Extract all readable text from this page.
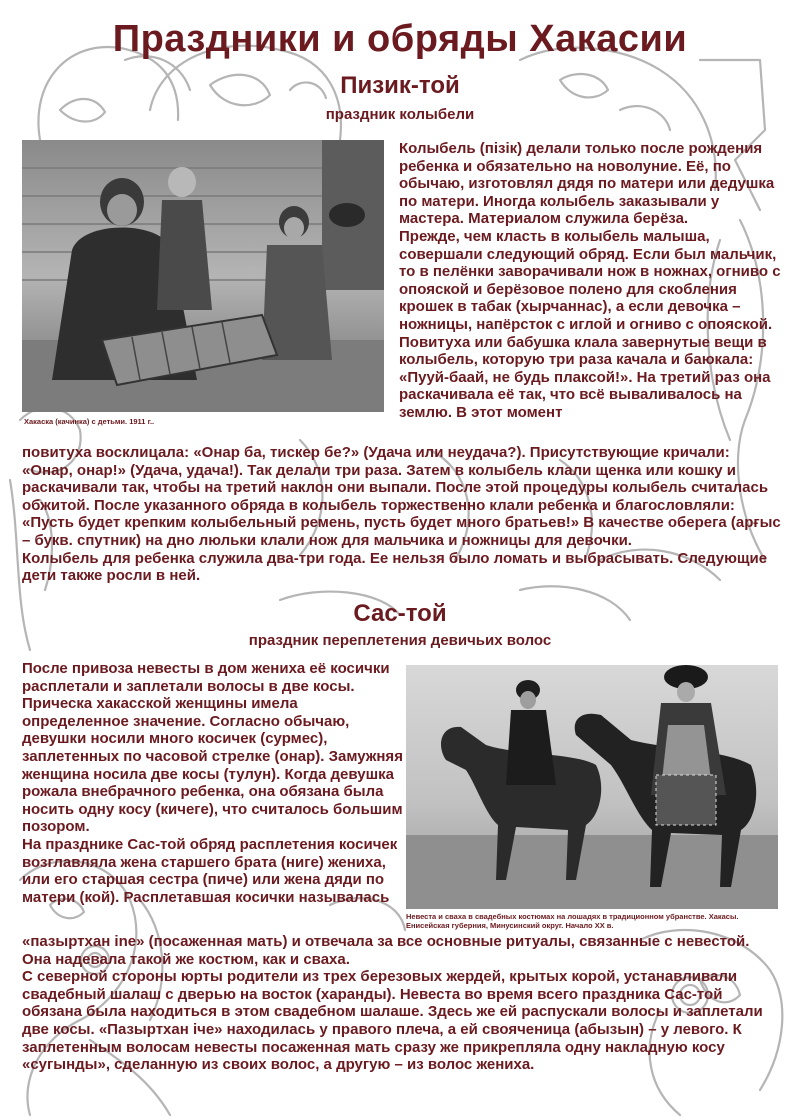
Праздники и обряды Хакасии
Пизик-той
праздник колыбели
Хакаска (качинка) с детьми. 1911 г..

Колыбель (пізік) делали только после рождения ребенка и обязательно на новолуние. Её, по обычаю, изготовлял дядя по матери или дедушка по матери. Иногда колыбель заказывали у мастера. Материалом служила берёза.

Прежде, чем класть в колыбель малыша, совершали следующий обряд. Если был мальчик, то в пелёнки заворачивали нож в ножнах, огниво с опояской и берёзовое полено для скобления крошек в табак (хырчаннас), а если девочка – ножницы, напёрсток с иглой и огниво с опояской. Повитуха или бабушка клала завернутые вещи в колыбель, которую три раза качала и баюкала: «Пууй-баай, не будь плаксой!». На третий раз она раскачивала её так, что всё вываливалось на землю. В этот момент

повитуха восклицала: «Онар ба, тискер бе?» (Удача или неудача?). Присутствующие кричали: «Онар, онар!» (Удача, удача!). Так делали три раза. Затем в колыбель клали щенка или кошку и раскачивали так, чтобы на третий наклон они выпали. После этой процедуры колыбель считалась обжитой. После указанного обряда в колыбель торжественно клали ребенка и благословляли: «Пусть будет крепким колыбельный ремень, пусть будет много братьев!» В качестве оберега (арғыс – букв. спутник) на дно люльки клали нож для мальчика и ножницы для девочки.

Колыбель для ребенка служила два-три года. Ее нельзя было ломать и выбрасывать. Следующие дети также росли в ней.

Сас-той
праздник переплетения девичьих волос

После привоза невесты в дом жениха её косички расплетали и заплетали волосы в две косы.

Прическа хакасской женщины имела определенное значение. Согласно обычаю, девушки носили много косичек (сурмес), заплетенных по часовой стрелке (онар). Замужняя женщина носила две косы (тулун). Когда девушка рожала внебрачного ребенка, она обязана была носить одну косу (кичеге), что считалось большим позором.

На празднике Сас-той обряд расплетения косичек возглавляла жена старшего брата (ниге) жениха, или его старшая сестра (пиче) или жена дяди по матери (кой). Расплетавшая косички называлась

Невеста и сваха в свадебных костюмах на лошадях в традиционном убранстве. Хакасы. Енисейская губерния, Минусинский округ. Начало XX в.

«пазыртхан іne» (посаженная мать) и отвечала за все основные ритуалы, связанные с невестой. Она надевала такой же костюм, как и сваха.

С северной стороны юрты родители из трех березовых жердей, крытых корой, устанавливали свадебный шалаш с дверью на восток (харанды). Невеста во время всего праздника Сас-той обязана была находиться в этом свадебном шалаше. Здесь же ей распускали волосы и заплетали две косы. «Пазыртхан іче» находилась у правого плеча, а ей свояченица (абызын) – у левого. К заплетенным волосам невесты посаженная мать сразу же прикрепляла одну накладную косу «сугынды», сделанную из своих волос, а другую – из волос жениха.
